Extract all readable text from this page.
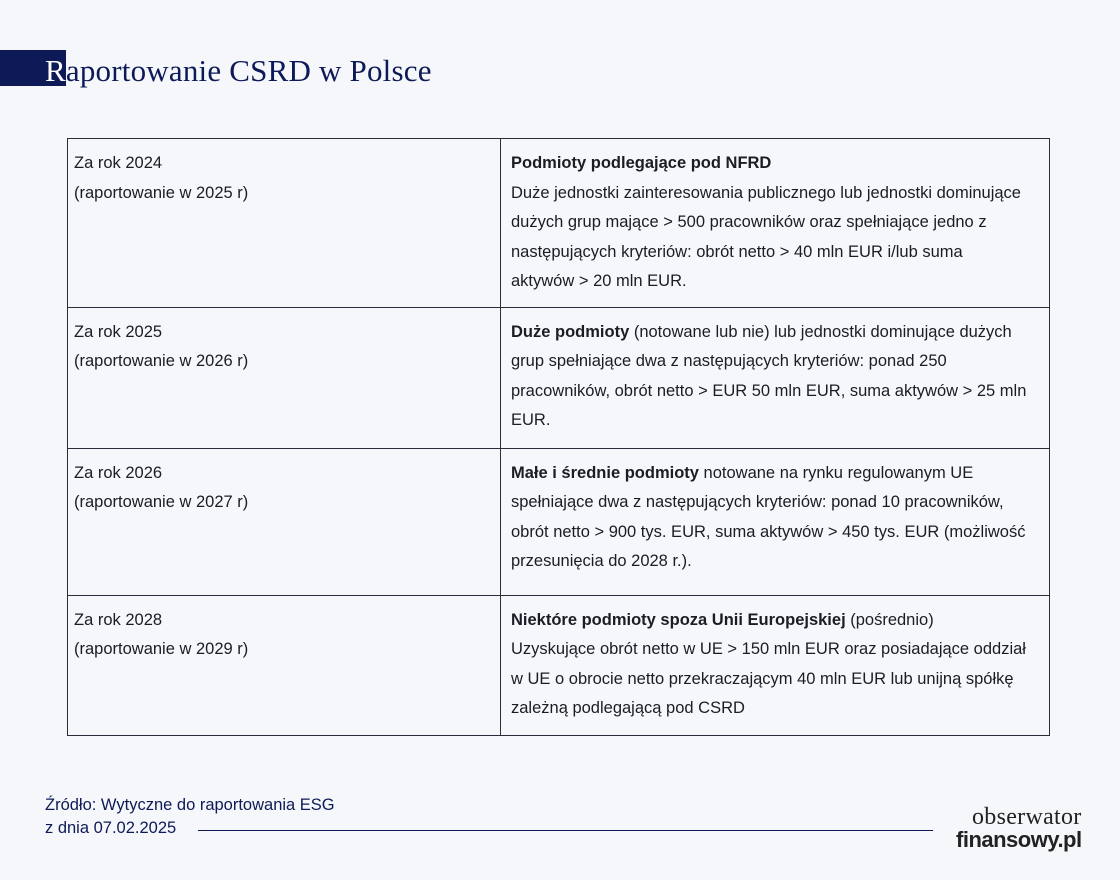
Raportowanie CSRD w Polsce
Za rok 2024
(raportowanie w 2025 r)	Podmioty podlegające pod NFRD
Duże jednostki zainteresowania publicznego lub jednostki dominujące
dużych grup mające > 500 pracowników oraz spełniające jedno z
następujących kryteriów: obrót netto > 40 mln EUR i/lub suma
aktywów > 20 mln EUR.

Za rok 2025
(raportowanie w 2026 r)	Duże podmioty (notowane lub nie) lub jednostki dominujące dużych
grup spełniające dwa z następujących kryteriów: ponad 250
pracowników, obrót netto > EUR 50 mln EUR, suma aktywów > 25 mln
EUR.

Za rok 2026
(raportowanie w 2027 r)	Małe i średnie podmioty notowane na rynku regulowanym UE
spełniające dwa z następujących kryteriów: ponad 10 pracowników,
obrót netto > 900 tys. EUR, suma aktywów > 450 tys. EUR (możliwość
przesunięcia do 2028 r.).

Za rok 2028
(raportowanie w 2029 r)	Niektóre podmioty spoza Unii Europejskiej (pośrednio)
Uzyskujące obrót netto w UE > 150 mln EUR oraz posiadające oddział
w UE o obrocie netto przekraczającym 40 mln EUR lub unijną spółkę
zależną podlegającą pod CSRD
Źródło: Wytyczne do raportowania ESG
z dnia 07.02.2025	obserwator
finansowy.pl
